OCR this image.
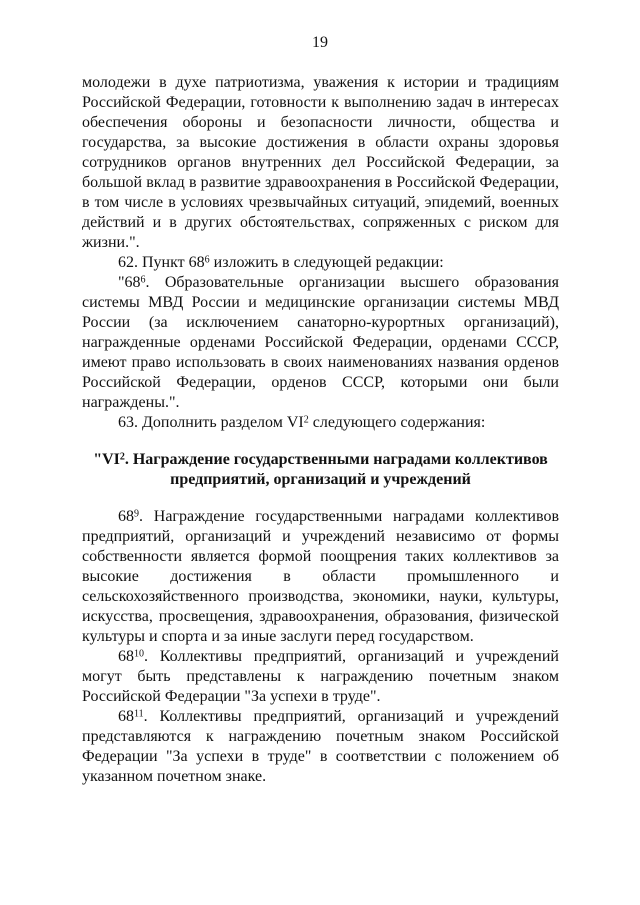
19

молодежи в духе патриотизма, уважения к истории и традициям Российской Федерации, готовности к выполнению задач в интересах обеспечения обороны и безопасности личности, общества и государства, за высокие достижения в области охраны здоровья сотрудников органов внутренних дел Российской Федерации, за большой вклад в развитие здравоохранения в Российской Федерации, в том числе в условиях чрезвычайных ситуаций, эпидемий, военных действий и в других обстоятельствах, сопряженных с риском для жизни.".

62. Пункт $68^6$ изложить в следующей редакции:

"$68^6$. Образовательные организации высшего образования системы МВД России и медицинские организации системы МВД России (за исключением санаторно-курортных организаций), награжденные орденами Российской Федерации, орденами СССР, имеют право использовать в своих наименованиях названия орденов Российской Федерации, орденов СССР, которыми они были награждены.".

63. Дополнить разделом $VI^2$ следующего содержания:

"$VI^2$. Награждение государственными наградами коллективов
предприятий, организаций и учреждений

$68^9$. Награждение государственными наградами коллективов предприятий, организаций и учреждений независимо от формы собственности является формой поощрения таких коллективов за высокие достижения в области промышленного и сельскохозяйственного производства, экономики, науки, культуры, искусства, просвещения, здравоохранения, образования, физической культуры и спорта и за иные заслуги перед государством.

$68^{10}$. Коллективы предприятий, организаций и учреждений могут быть представлены к награждению почетным знаком Российской Федерации "За успехи в труде".

$68^{11}$. Коллективы предприятий, организаций и учреждений представляются к награждению почетным знаком Российской Федерации "За успехи в труде" в соответствии с положением об указанном почетном знаке.
